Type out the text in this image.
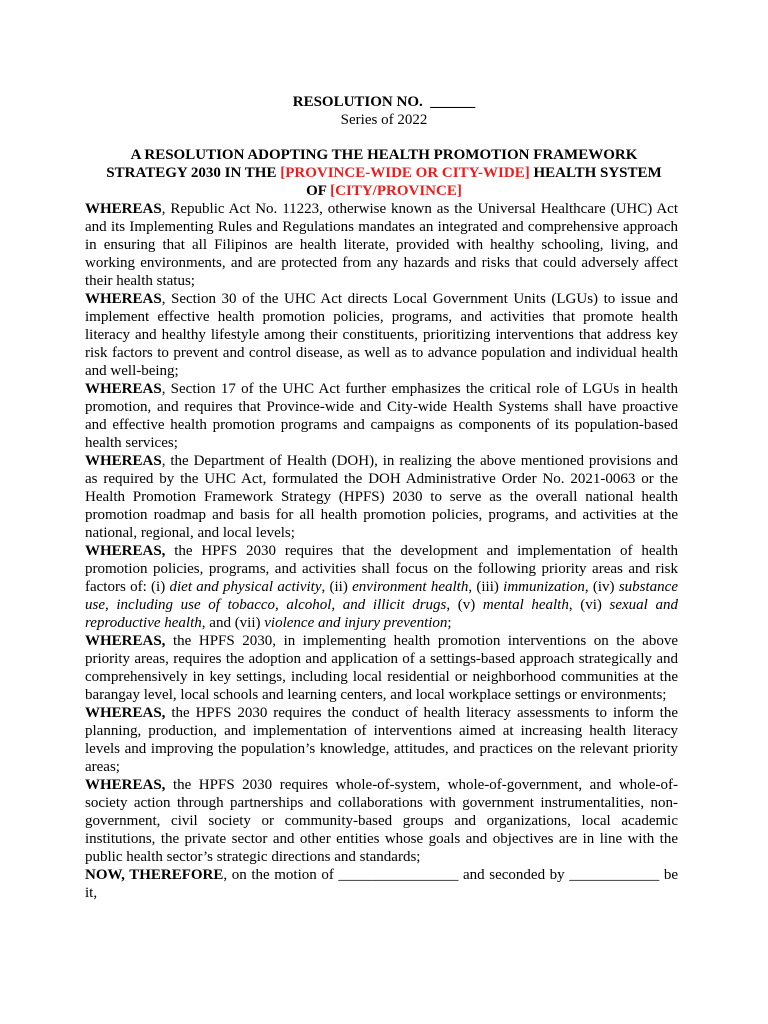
RESOLUTION NO. ______
Series of 2022
A RESOLUTION ADOPTING THE HEALTH PROMOTION FRAMEWORK STRATEGY 2030 IN THE [PROVINCE-WIDE OR CITY-WIDE] HEALTH SYSTEM OF [CITY/PROVINCE]

WHEREAS, Republic Act No. 11223, otherwise known as the Universal Healthcare (UHC) Act and its Implementing Rules and Regulations mandates an integrated and comprehensive approach in ensuring that all Filipinos are health literate, provided with healthy schooling, living, and working environments, and are protected from any hazards and risks that could adversely affect their health status;

WHEREAS, Section 30 of the UHC Act directs Local Government Units (LGUs) to issue and implement effective health promotion policies, programs, and activities that promote health literacy and healthy lifestyle among their constituents, prioritizing interventions that address key risk factors to prevent and control disease, as well as to advance population and individual health and well-being;

WHEREAS, Section 17 of the UHC Act further emphasizes the critical role of LGUs in health promotion, and requires that Province-wide and City-wide Health Systems shall have proactive and effective health promotion programs and campaigns as components of its population-based health services;

WHEREAS, the Department of Health (DOH), in realizing the above mentioned provisions and as required by the UHC Act, formulated the DOH Administrative Order No. 2021-0063 or the Health Promotion Framework Strategy (HPFS) 2030 to serve as the overall national health promotion roadmap and basis for all health promotion policies, programs, and activities at the national, regional, and local levels;

WHEREAS, the HPFS 2030 requires that the development and implementation of health promotion policies, programs, and activities shall focus on the following priority areas and risk factors of: (i) diet and physical activity, (ii) environment health, (iii) immunization, (iv) substance use, including use of tobacco, alcohol, and illicit drugs, (v) mental health, (vi) sexual and reproductive health, and (vii) violence and injury prevention;

WHEREAS, the HPFS 2030, in implementing health promotion interventions on the above priority areas, requires the adoption and application of a settings-based approach strategically and comprehensively in key settings, including local residential or neighborhood communities at the barangay level, local schools and learning centers, and local workplace settings or environments;

WHEREAS, the HPFS 2030 requires the conduct of health literacy assessments to inform the planning, production, and implementation of interventions aimed at increasing health literacy levels and improving the population’s knowledge, attitudes, and practices on the relevant priority areas;

WHEREAS, the HPFS 2030 requires whole-of-system, whole-of-government, and whole-of-society action through partnerships and collaborations with government instrumentalities, non-government, civil society or community-based groups and organizations, local academic institutions, the private sector and other entities whose goals and objectives are in line with the public health sector’s strategic directions and standards;

NOW, THEREFORE, on the motion of ________________ and seconded by ____________ be it,
